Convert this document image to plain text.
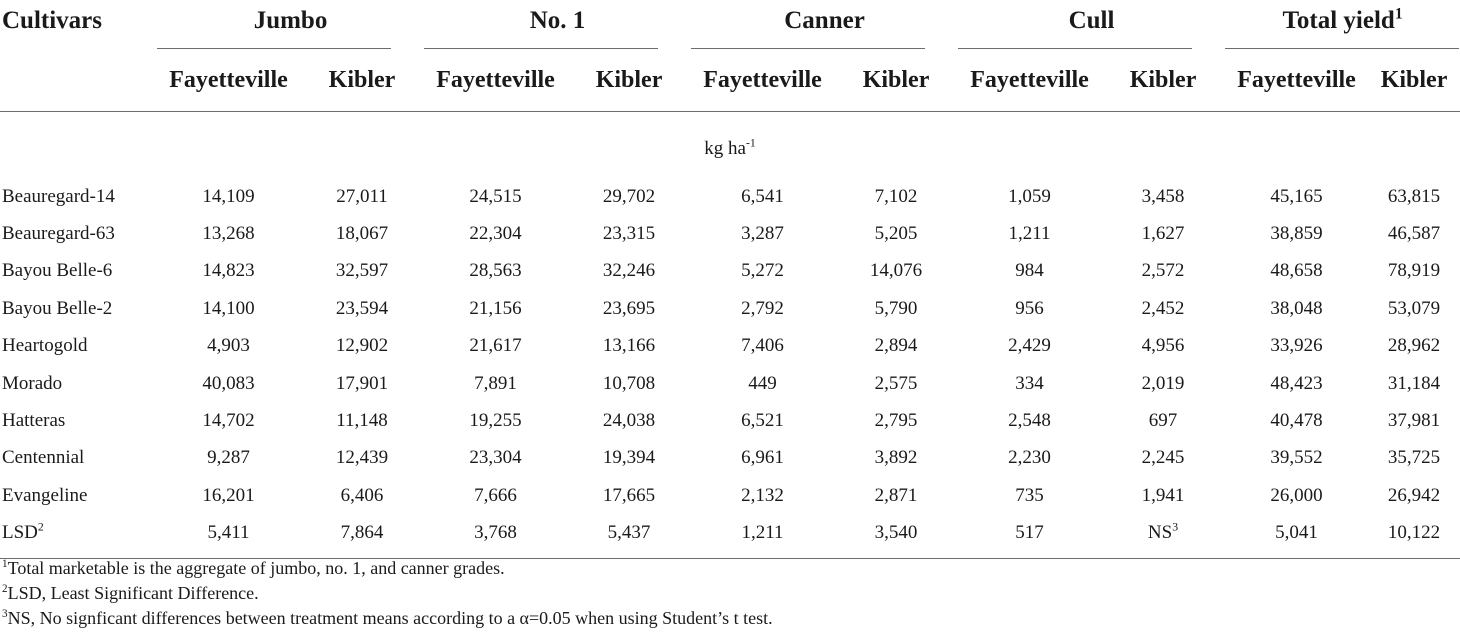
Cultivars	Jumbo		No. 1		Canner		Cull		Total yield$^1$

	Fayetteville	Kibler	Fayetteville	Kibler	Fayetteville	Kibler	Fayetteville	Kibler	Fayetteville	Kibler
kg $ha^{-1}$
Beauregard-14	14,109	27,011	24,515	29,702	6,541	7,102	1,059	3,458	45,165	63,815
Beauregard-63	13,268	18,067	22,304	23,315	3,287	5,205	1,211	1,627	38,859	46,587
Bayou Belle-6	14,823	32,597	28,563	32,246	5,272	14,076	984	2,572	48,658	78,919
Bayou Belle-2	14,100	23,594	21,156	23,695	2,792	5,790	956	2,452	38,048	53,079
Heartogold	4,903	12,902	21,617	13,166	7,406	2,894	2,429	4,956	33,926	28,962
Morado	40,083	17,901	7,891	10,708	449	2,575	334	2,019	48,423	31,184
Hatteras	14,702	11,148	19,255	24,038	6,521	2,795	2,548	697	40,478	37,981
Centennial	9,287	12,439	23,304	19,394	6,961	3,892	2,230	2,245	39,552	35,725
Evangeline	16,201	6,406	7,666	17,665	2,132	2,871	735	1,941	26,000	26,942
LSD$^2$	5,411	7,864	3,768	5,437	1,211	3,540	517	$NS^3$	5,041	10,122
$^1$Total marketable is the aggregate of jumbo, no. 1, and canner grades.
$^2$LSD, Least Significant Difference.
$^3$NS, No signficant differences between treatment means according to a α=0.05 when using Student’s t test.
